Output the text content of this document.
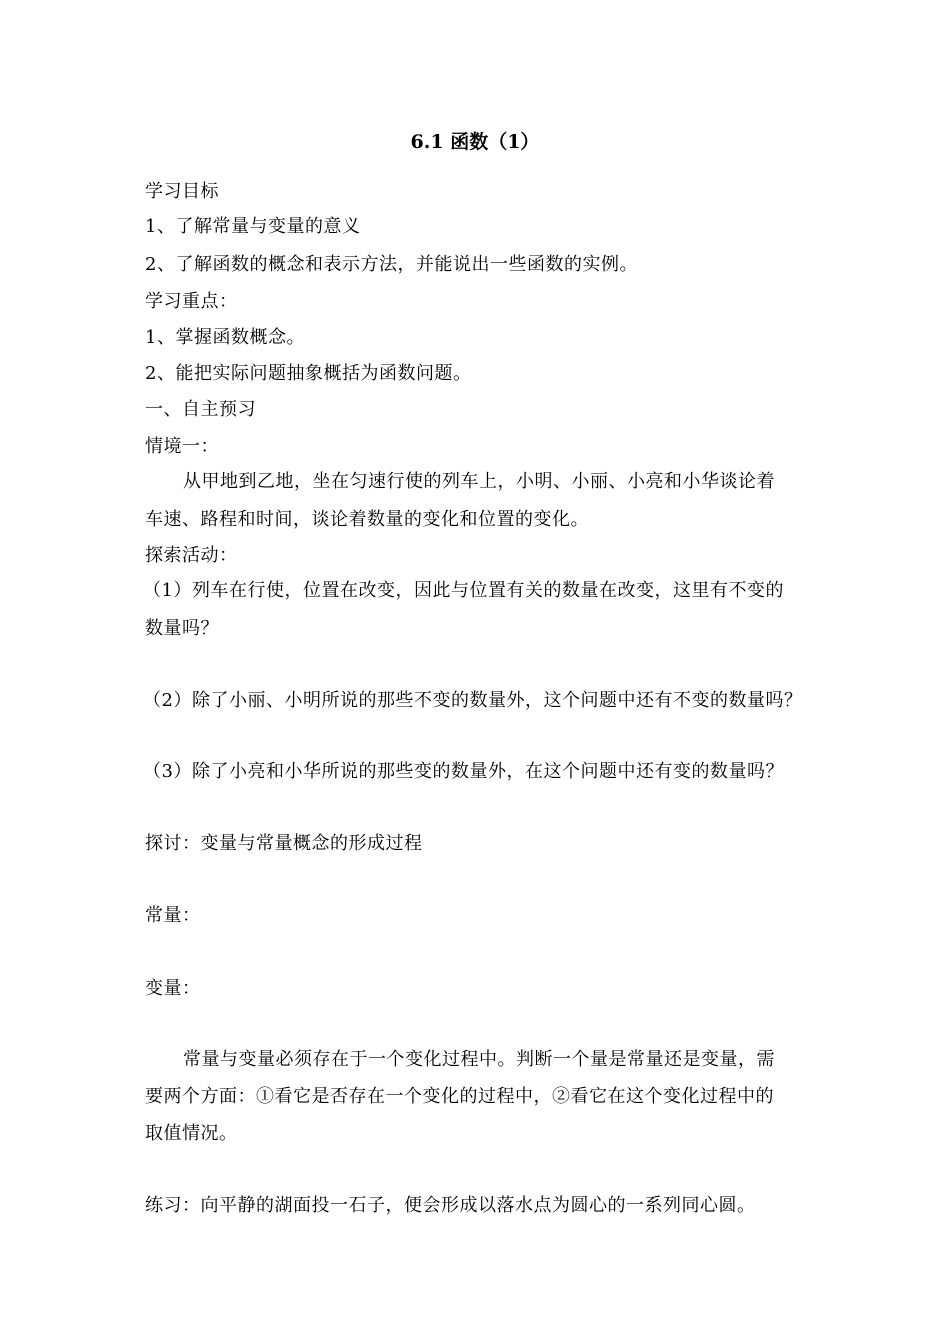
6.1 函数（1）
学习目标
1、了解常量与变量的意义
2、了解函数的概念和表示方法，并能说出一些函数的实例。
学习重点：
1、掌握函数概念。
2、能把实际问题抽象概括为函数问题。
一、自主预习
情境一：
从甲地到乙地，坐在匀速行使的列车上，小明、小丽、小亮和小华谈论着
车速、路程和时间，谈论着数量的变化和位置的变化。
探索活动：
（1）列车在行使，位置在改变，因此与位置有关的数量在改变，这里有不变的
数量吗？
（2）除了小丽、小明所说的那些不变的数量外，这个问题中还有不变的数量吗？
（3）除了小亮和小华所说的那些变的数量外，在这个问题中还有变的数量吗？
探讨：变量与常量概念的形成过程
常量：
变量：
常量与变量必须存在于一个变化过程中。判断一个量是常量还是变量，需
要两个方面：①看它是否存在一个变化的过程中，②看它在这个变化过程中的
取值情况。
练习：向平静的湖面投一石子，便会形成以落水点为圆心的一系列同心圆。
